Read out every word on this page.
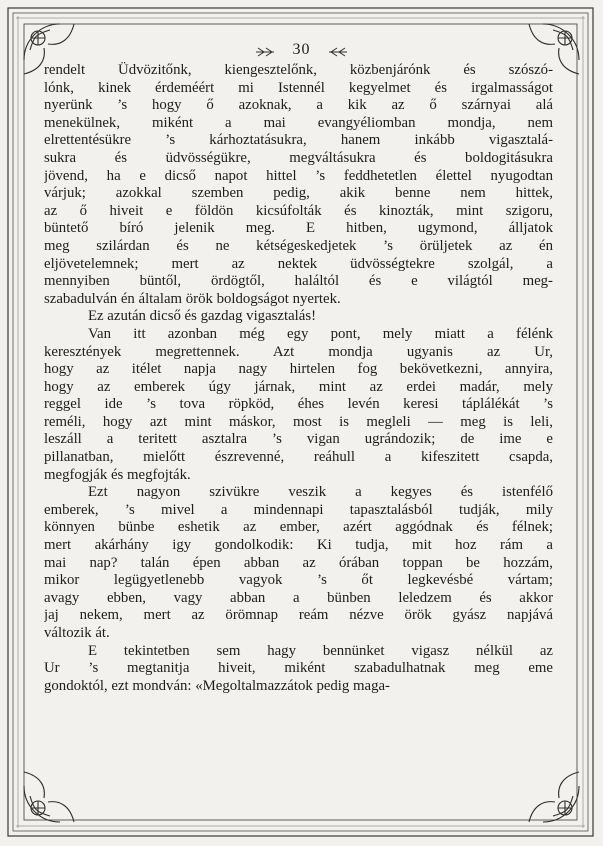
30
rendelt Üdvözitőnk, kiengesztelőnk, közbenjárónk és szószó-
lónk, kinek érdeméért mi Istennél kegyelmet és irgalmasságot
nyerünk ’s hogy ő azoknak, a kik az ő szárnyai alá
menekülnek, miként a mai evangyéliomban mondja, nem
elrettentésükre ’s kárhoztatásukra, hanem inkább vigasztalá-
sukra és üdvösségükre, megváltásukra és boldogitásukra
jövend, ha e dicső napot hittel ’s feddhetetlen élettel nyugodtan
várjuk; azokkal szemben pedig, akik benne nem hittek,
az ő hiveit e földön kicsúfolták és kinozták, mint szigoru,
büntető bíró jelenik meg. E hitben, ugymond, álljatok
meg szilárdan és ne kétségeskedjetek ’s örüljetek az én
eljövetelemnek; mert az nektek üdvösségtekre szolgál, a
mennyiben büntől, ördögtől, haláltól és e világtól meg-
szabadulván én általam örök boldogságot nyertek.
Ez azután dicső és gazdag vigasztalás!
Van itt azonban még egy pont, mely miatt a félénk
keresztények megrettennek. Azt mondja ugyanis az Ur,
hogy az itélet napja nagy hirtelen fog bekövetkezni, annyira,
hogy az emberek úgy járnak, mint az erdei madár, mely
reggel ide ’s tova röpköd, éhes levén keresi táplálékát ’s
reméli, hogy azt mint máskor, most is megleli — meg is leli,
leszáll a teritett asztalra ’s vigan ugrándozik; de ime e
pillanatban, mielőtt észrevenné, reáhull a kifeszitett csapda,
megfogják és megfojták.
Ezt nagyon szivükre veszik a kegyes és istenfélő
emberek, ’s mivel a mindennapi tapasztalásból tudják, mily
könnyen bünbe eshetik az ember, azért aggódnak és félnek;
mert akárhány igy gondolkodik: Ki tudja, mit hoz rám a
mai nap? talán épen abban az órában toppan be hozzám,
mikor legügyetlenebb vagyok ’s őt legkevésbé vártam;
avagy ebben, vagy abban a bünben leledzem és akkor
jaj nekem, mert az örömnap reám nézve örök gyász napjává
változik át.
E tekintetben sem hagy bennünket vigasz nélkül az
Ur ’s megtanitja hiveit, miként szabadulhatnak meg eme
gondoktól, ezt mondván: «Megoltalmazzátok pedig maga-
